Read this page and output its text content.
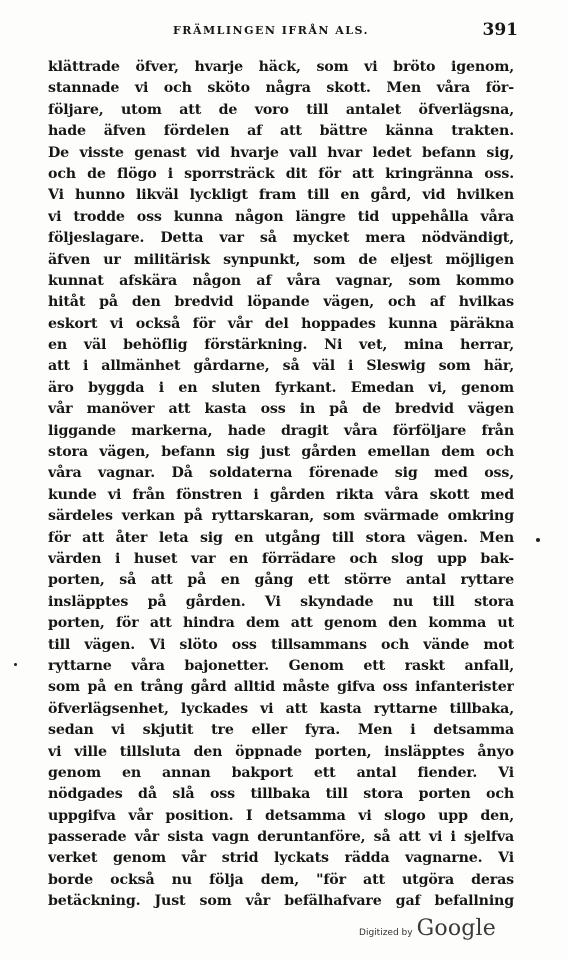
FRÄMLINGEN IFRÅN ALS.	391
klättrade öfver, hvarje häck, som vi bröto igenom,
stannade vi och sköto några skott. Men våra för-
följare, utom att de voro till antalet öfverlägsna,
hade äfven fördelen af att bättre känna trakten.
De visste genast vid hvarje vall hvar ledet befann sig,
och de flögo i sporrsträck dit för att kringränna oss.
Vi hunno likväl lyckligt fram till en gård, vid hvilken
vi trodde oss kunna någon längre tid uppehålla våra
följeslagare. Detta var så mycket mera nödvändigt,
äfven ur militärisk synpunkt, som de eljest möjligen
kunnat afskära någon af våra vagnar, som kommo
hitåt på den bredvid löpande vägen, och af hvilkas
eskort vi också för vår del hoppades kunna päräkna
en väl behöflig förstärkning. Ni vet, mina herrar,
att i allmänhet gårdarne, så väl i Sleswig som här,
äro byggda i en sluten fyrkant. Emedan vi, genom
vår manöver att kasta oss in på de bredvid vägen
liggande markerna, hade dragit våra förföljare från
stora vägen, befann sig just gården emellan dem och
våra vagnar. Då soldaterna förenade sig med oss,
kunde vi från fönstren i gården rikta våra skott med
särdeles verkan på ryttarskaran, som svärmade omkring
för att åter leta sig en utgång till stora vägen. Men
värden i huset var en förrädare och slog upp bak-
porten, så att på en gång ett större antal ryttare
insläpptes på gården. Vi skyndade nu till stora
porten, för att hindra dem att genom den komma ut
till vägen. Vi slöto oss tillsammans och vände mot
ryttarne våra bajonetter. Genom ett raskt anfall,
som på en trång gård alltid måste gifva oss infanterister
öfverlägsenhet, lyckades vi att kasta ryttarne tillbaka,
sedan vi skjutit tre eller fyra. Men i detsamma
vi ville tillsluta den öppnade porten, insläpptes ånyo
genom en annan bakport ett antal fiender. Vi
nödgades då slå oss tillbaka till stora porten och
uppgifva vår position. I detsamma vi slogo upp den,
passerade vår sista vagn deruntanföre, så att vi i sjelfva
verket genom vår strid lyckats rädda vagnarne. Vi
borde också nu följa dem, "för att utgöra deras
betäckning. Just som vår befälhafvare gaf befallning
Digitized by Google
